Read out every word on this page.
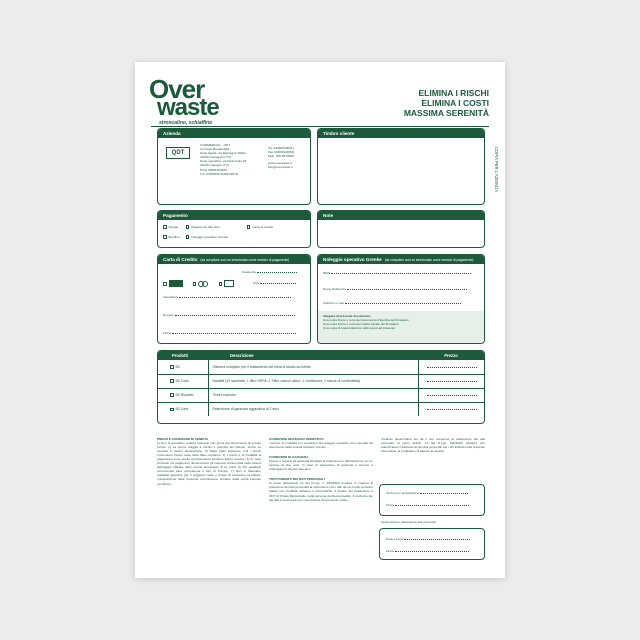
Over
waste
stroncalino, schiaffino
ELIMINA I RISCHI
ELIMINA I COSTI
MASSIMA SERENITÀ
COPIA PER L'AZIENDA
Azienda
QDT
COMMERCIAL - ODT
di Orsato Beniamiglia
Sede legale: via Mantegna 45/bis,
31060 Coniegano (TV)
Sede operativa: via Padu Isola 25,
31043 Codognè (TV)
P.IVA 03591200263
C.F. RSTBRS71M04C957E
Tel. 0438/4948(51)
Fax 0438/4948(53)
Mob. 335 6073096
www.overwaste.it
info@overwaste.it
Timbro cliente
Pagamento
Paypal	Pagamento alla ritiro	Carta di credito
Bonifico	Noleggio operativo Grenke
Note
Carta di Credito (da compilare solo se selezionato come metodo di pagamento)

Scadenza
CVV
Intestatario
Numero
Firma
Noleggio operativo Grenke (da compilare solo se selezionato come metodo di pagamento)
IBAN
Nome Referente
Indirizzo e-mail
Allegare al presente documento:
Una copia fronte e retro del documento d'identità del firmatario
Una copia fronte e retro del codice fiscale del firmatario
Una copia di Fascicolazione sulla visura ad presente
Prodotti	Descrizione	Prezzo
B2	Sistema completo per il trattamento dei rifiuti di studio ad infetto	
B2 Tools	Bauletti (10 sacchetti, 1 filtro HEPA, 1 Filtro carbon attivo, 1 confezione, 2 tracce di conferibilità)	
B2 Ricambi	Ticket tracciato	
B2 Care	Estensione di garanzia aggiuntiva di 2 anni	
PREZZI E CONDIZIONI DI VENDITA
1) Non si accettano reclami trascorsi otto giorni dal ricevimento di quanto fornito. 2) La merce viaggia a rischio e pericolo del Cliente, anche se venduta in franco destinazione. 3) Salvo patto espresso, tutti i prezzi s'intendono franco sede della ditta venditrice. 4) I prezzi e le modalità di pagamento sono quelle corrispondenti all'ultimo listino emesso. 5) In caso di ritardo nei pagamenti decorreranno gli interessi commerciali nella misura dell'saggio ufficiale dello sconto aumentato di tre punti. 6) Per qualsiasi controversia sarà competente il foro di Treviso. 7) Non si rilasciano qualsiasi garanzie per il suggerito nelle e prego di emissione la fattura. L'acquisizione delle presente commissione d'ordine della sopra esposte condizioni.
CONDIZIONI NOLEGGIO OPERATIVO
I termini, le modalità e le condizioni del noleggio operativo sono riportati nel documento della società locatrice Grenke.
CONDIZIONI DI GARANZIA
Il bene è coperto da garanzia da difetti di produzione e fabbricazione per un termine di due anni. In caso di estensione di garanzia il termine è prolungato di ulteriori due anni.
TRATTAMENTO DEI DATI PERSONALI
Ai sensi dell'articolo 13 del D.Lgs. n. 196/2003 (Codice in materia di protezione dei dati personali) la informiamo che i dati da Lei forniti verranno trattati con modalità cartacee e informatiche. Il titolare del trattamento è ODT di Orsato Beniamiglia, nella persona del Responsabile. Il conferimento dei dati è necessario per l'esecuzione del presente ordine.
Inviando quest'ordine Lei dà il suo consenso al trattamento dei dati personali, ai sensi dell'art. 13 del D.Lgs. 196/2003. Qualora non autorizzasse il trattamento dei dati personali per i fini indicati nella presente informativa, la preghiamo di barrare la casella.
Timbro per accettazione
Firma
Approvazione trattamento dati personali
Data e luogo
Firma
